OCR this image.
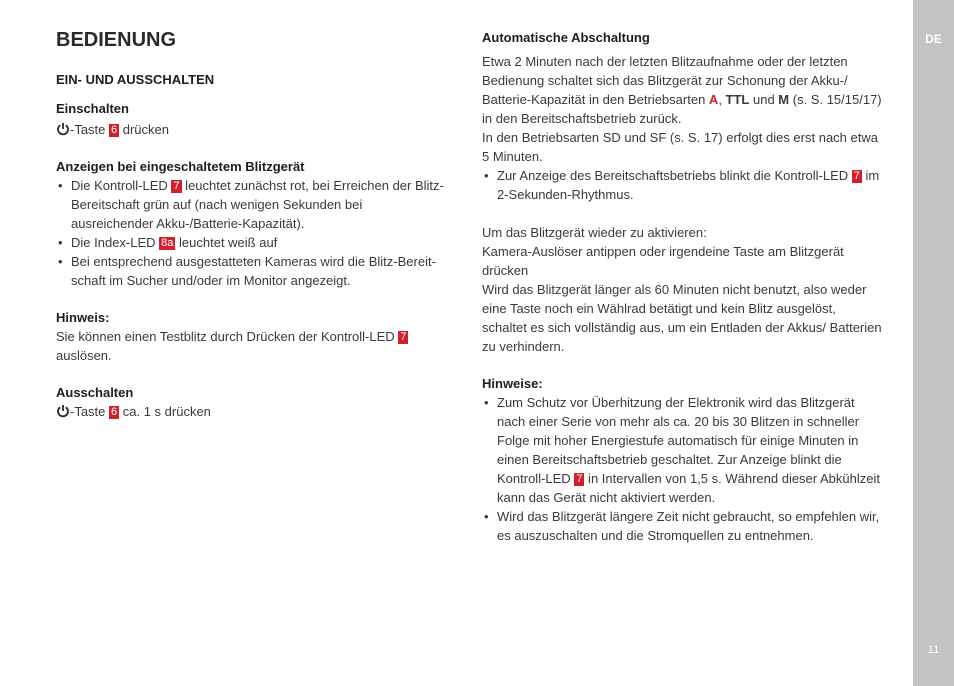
BEDIENUNG
EIN- UND AUSSCHALTEN
Einschalten

-Taste 6 drücken

Anzeigen bei eingeschaltetem Blitzgerät
• Die Kontroll-LED 7 leuchtet zunächst rot, bei Erreichen der Blitz-Bereitschaft grün auf (nach wenigen Sekunden bei ausreichender Akku-/Batterie-Kapazität).
• Die Index-LED 8a leuchtet weiß auf
• Bei entsprechend ausgestatteten Kameras wird die Blitz-Bereit-schaft im Sucher und/oder im Monitor angezeigt.
Hinweis:

Sie können einen Testblitz durch Drücken der Kontroll-LED 7 auslösen.

Ausschalten

-Taste 6 ca. 1 s drücken

Automatische Abschaltung

Etwa 2 Minuten nach der letzten Blitzaufnahme oder der letzten Bedienung schaltet sich das Blitzgerät zur Schonung der Akku-/ Batterie-Kapazität in den Betriebsarten A, TTL und M (s. S. 15/15/17) in den Bereitschaftsbetrieb zurück.

In den Betriebsarten SD und SF (s. S. 17) erfolgt dies erst nach etwa 5 Minuten.

• Zur Anzeige des Bereitschaftsbetriebs blinkt die Kontroll-LED 7 im 2-Sekunden-Rhythmus.

Um das Blitzgerät wieder zu aktivieren:

Kamera-Auslöser antippen oder irgendeine Taste am Blitzgerät drücken

Wird das Blitzgerät länger als 60 Minuten nicht benutzt, also weder eine Taste noch ein Wählrad betätigt und kein Blitz ausgelöst, schaltet es sich vollständig aus, um ein Entladen der Akkus/ Batterien zu verhindern.

Hinweise:
• Zum Schutz vor Überhitzung der Elektronik wird das Blitzgerät nach einer Serie von mehr als ca. 20 bis 30 Blitzen in schneller Folge mit hoher Energiestufe automatisch für einige Minuten in einen Bereitschaftsbetrieb geschaltet. Zur Anzeige blinkt die Kontroll-LED 7 in Intervallen von 1,5 s. Während dieser Abkühlzeit kann das Gerät nicht aktiviert werden.
• Wird das Blitzgerät längere Zeit nicht gebraucht, so empfehlen wir, es auszuschalten und die Stromquellen zu entnehmen.
DE
11
